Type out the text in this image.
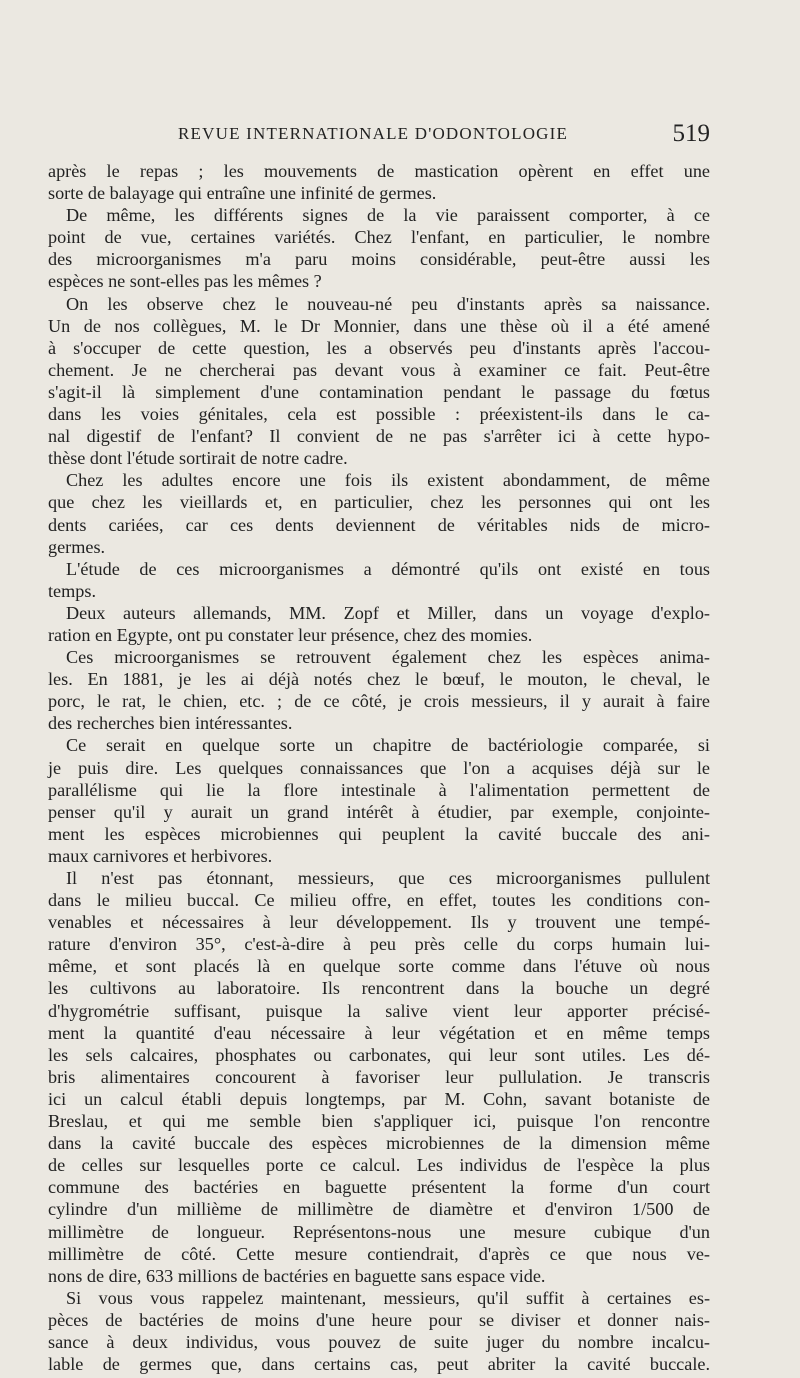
REVUE INTERNATIONALE D'ODONTOLOGIE	519
après le repas ; les mouvements de mastication opèrent en effet une
sorte de balayage qui entraîne une infinité de germes.
De même, les différents signes de la vie paraissent comporter, à ce
point de vue, certaines variétés. Chez l'enfant, en particulier, le nombre
des microorganismes m'a paru moins considérable, peut-être aussi les
espèces ne sont-elles pas les mêmes ?
On les observe chez le nouveau-né peu d'instants après sa naissance.
Un de nos collègues, M. le Dr Monnier, dans une thèse où il a été amené
à s'occuper de cette question, les a observés peu d'instants après l'accou-
chement. Je ne chercherai pas devant vous à examiner ce fait. Peut-être
s'agit-il là simplement d'une contamination pendant le passage du fœtus
dans les voies génitales, cela est possible : préexistent-ils dans le ca-
nal digestif de l'enfant? Il convient de ne pas s'arrêter ici à cette hypo-
thèse dont l'étude sortirait de notre cadre.
Chez les adultes encore une fois ils existent abondamment, de même
que chez les vieillards et, en particulier, chez les personnes qui ont les
dents cariées, car ces dents deviennent de véritables nids de micro-
germes.
L'étude de ces microorganismes a démontré qu'ils ont existé en tous
temps.
Deux auteurs allemands, MM. Zopf et Miller, dans un voyage d'explo-
ration en Egypte, ont pu constater leur présence, chez des momies.
Ces microorganismes se retrouvent également chez les espèces anima-
les. En 1881, je les ai déjà notés chez le bœuf, le mouton, le cheval, le
porc, le rat, le chien, etc. ; de ce côté, je crois messieurs, il y aurait à faire
des recherches bien intéressantes.
Ce serait en quelque sorte un chapitre de bactériologie comparée, si
je puis dire. Les quelques connaissances que l'on a acquises déjà sur le
parallélisme qui lie la flore intestinale à l'alimentation permettent de
penser qu'il y aurait un grand intérêt à étudier, par exemple, conjointe-
ment les espèces microbiennes qui peuplent la cavité buccale des ani-
maux carnivores et herbivores.
Il n'est pas étonnant, messieurs, que ces microorganismes pullulent
dans le milieu buccal. Ce milieu offre, en effet, toutes les conditions con-
venables et nécessaires à leur développement. Ils y trouvent une tempé-
rature d'environ 35°, c'est-à-dire à peu près celle du corps humain lui-
même, et sont placés là en quelque sorte comme dans l'étuve où nous
les cultivons au laboratoire. Ils rencontrent dans la bouche un degré
d'hygrométrie suffisant, puisque la salive vient leur apporter précisé-
ment la quantité d'eau nécessaire à leur végétation et en même temps
les sels calcaires, phosphates ou carbonates, qui leur sont utiles. Les dé-
bris alimentaires concourent à favoriser leur pullulation. Je transcris
ici un calcul établi depuis longtemps, par M. Cohn, savant botaniste de
Breslau, et qui me semble bien s'appliquer ici, puisque l'on rencontre
dans la cavité buccale des espèces microbiennes de la dimension même
de celles sur lesquelles porte ce calcul. Les individus de l'espèce la plus
commune des bactéries en baguette présentent la forme d'un court
cylindre d'un millième de millimètre de diamètre et d'environ 1/500 de
millimètre de longueur. Représentons-nous une mesure cubique d'un
millimètre de côté. Cette mesure contiendrait, d'après ce que nous ve-
nons de dire, 633 millions de bactéries en baguette sans espace vide.
Si vous vous rappelez maintenant, messieurs, qu'il suffit à certaines es-
pèces de bactéries de moins d'une heure pour se diviser et donner nais-
sance à deux individus, vous pouvez de suite juger du nombre incalcu-
lable de germes que, dans certains cas, peut abriter la cavité buccale.
